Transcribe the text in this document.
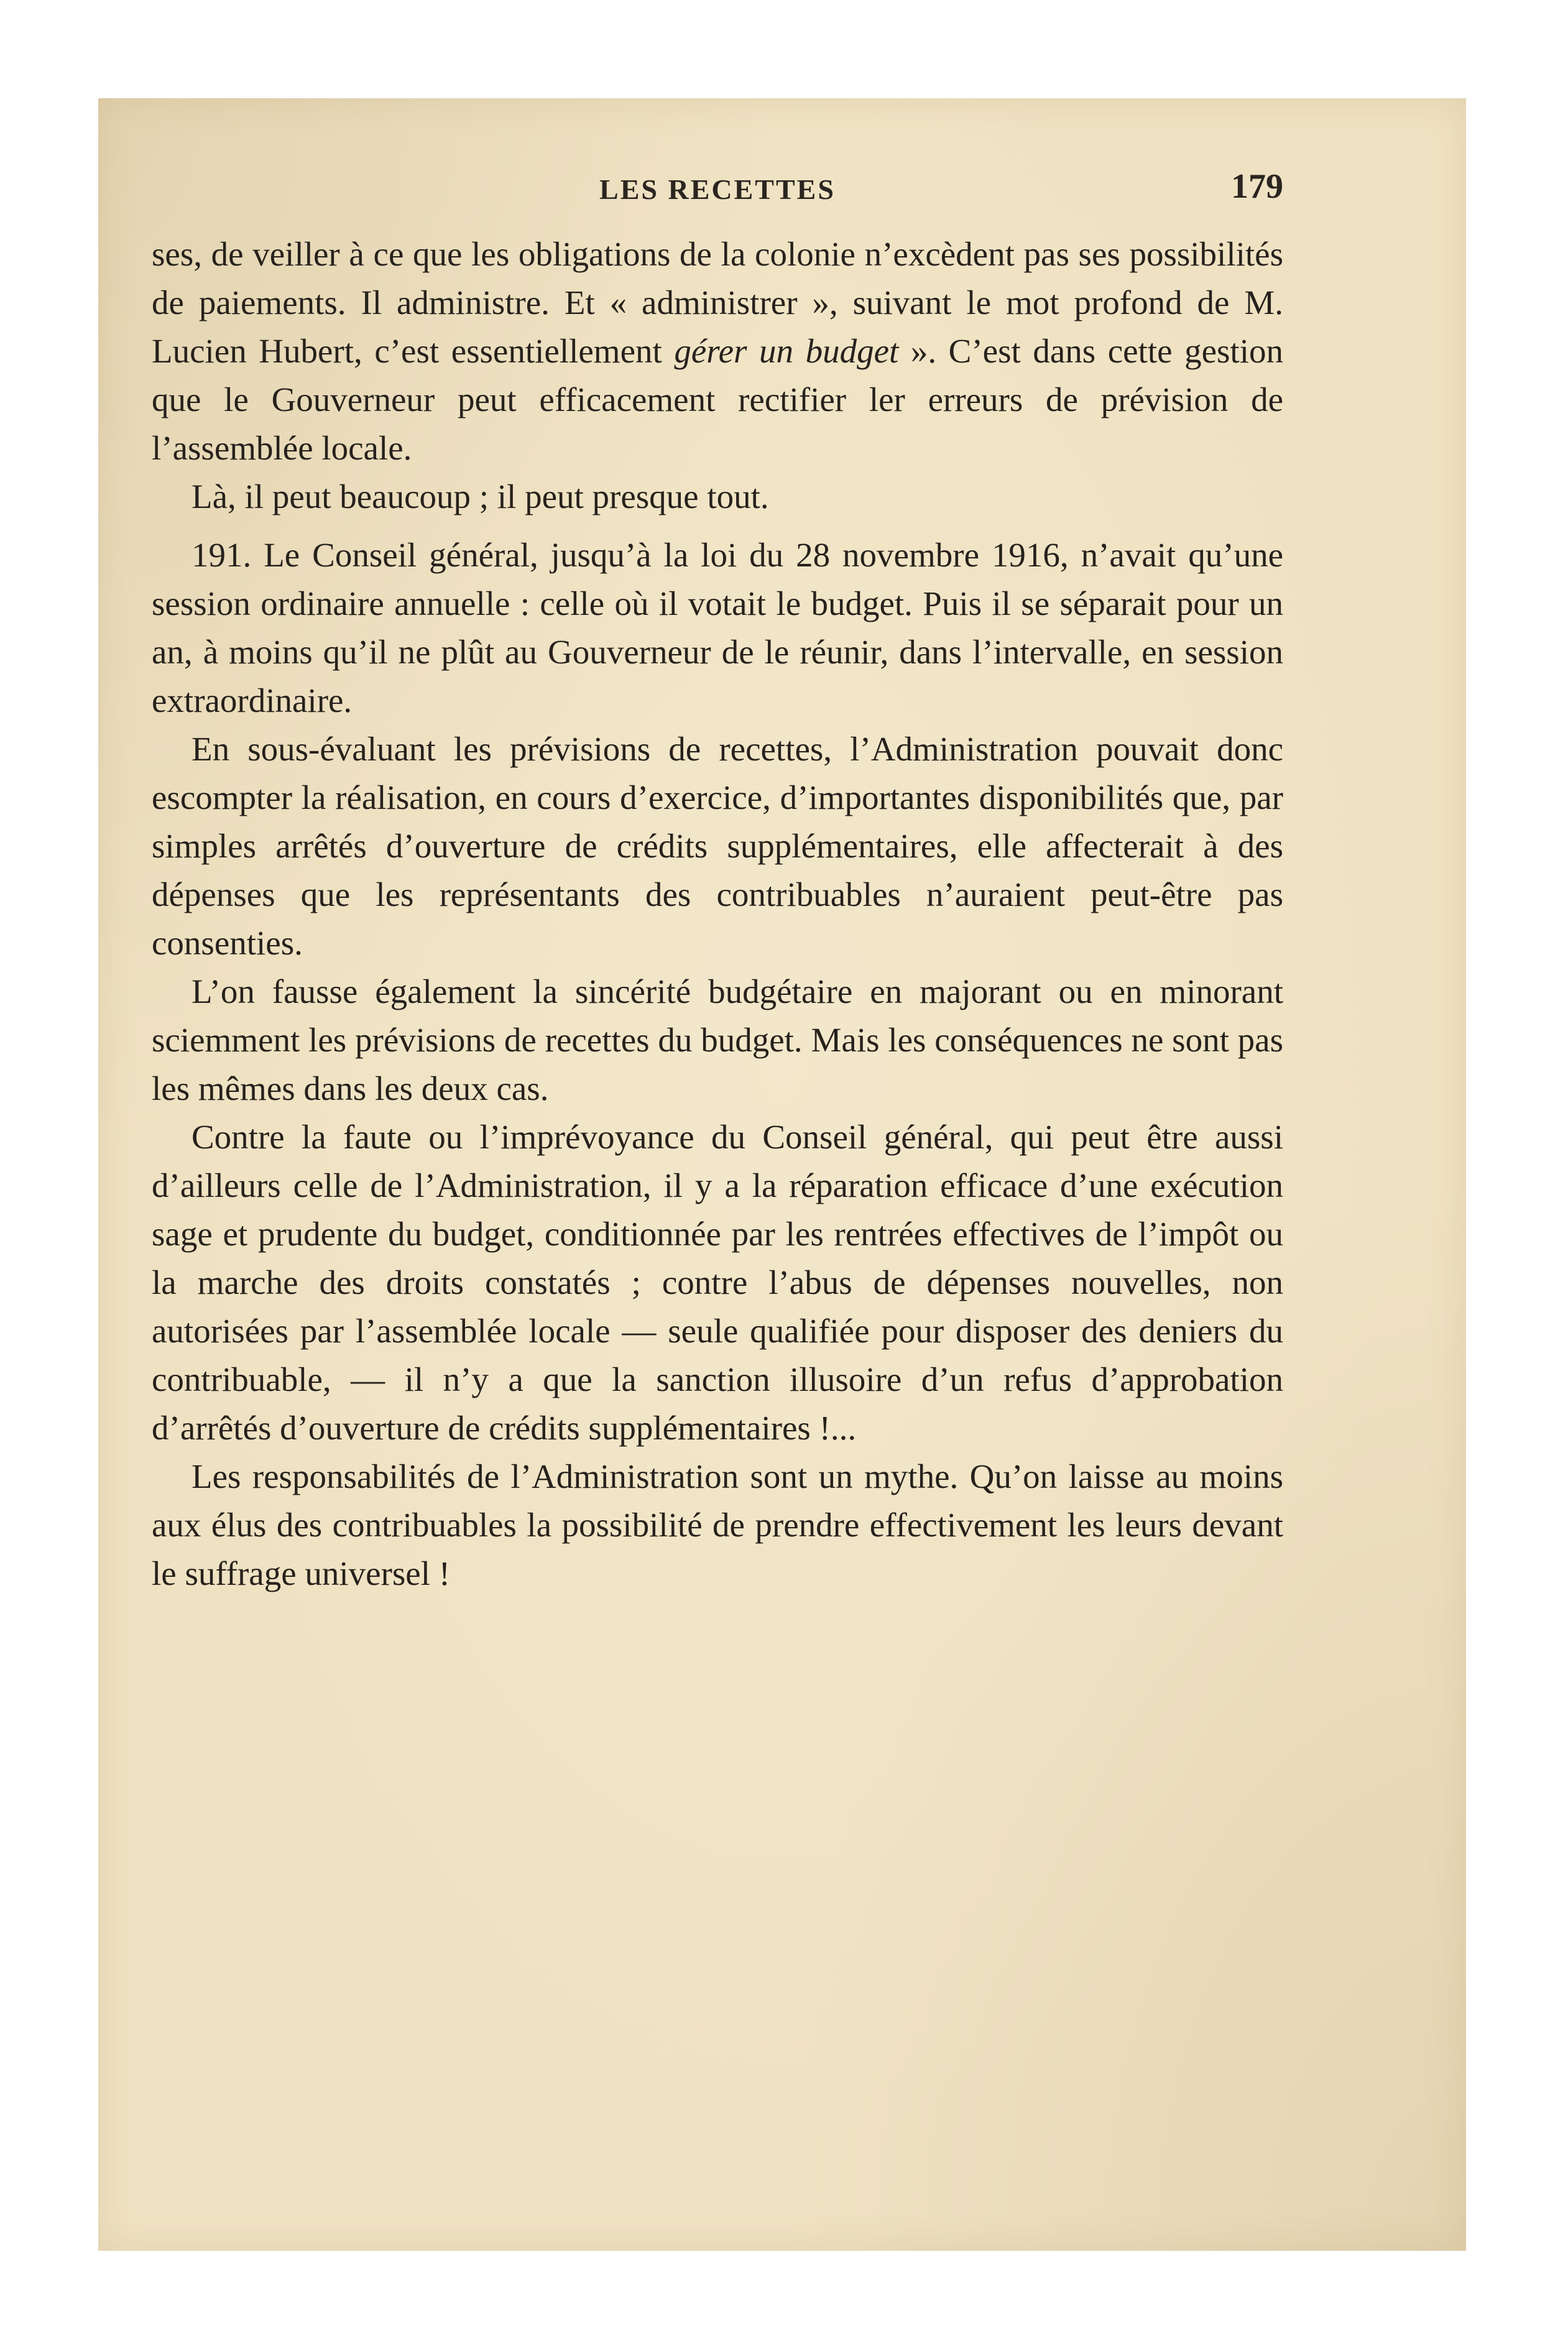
LES RECETTES	179

ses, de veiller à ce que les obligations de la colonie n’excèdent pas ses possibilités de paiements. Il administre. Et « administrer », suivant le mot profond de M. Lucien Hubert, c’est essentiellement gérer un budget ». C’est dans cette gestion que le Gouverneur peut efficacement rectifier ler erreurs de prévision de l’assemblée locale.

Là, il peut beaucoup ; il peut presque tout.

191. Le Conseil général, jusqu’à la loi du 28 novembre 1916, n’avait qu’une session ordinaire annuelle : celle où il votait le budget. Puis il se séparait pour un an, à moins qu’il ne plût au Gouverneur de le réunir, dans l’intervalle, en session extraordinaire.

En sous-évaluant les prévisions de recettes, l’Administration pouvait donc escompter la réalisation, en cours d’exercice, d’importantes disponibilités que, par simples arrêtés d’ouverture de crédits supplémentaires, elle affecterait à des dépenses que les représentants des contribuables n’auraient peut-être pas consenties.

L’on fausse également la sincérité budgétaire en majorant ou en minorant sciemment les prévisions de recettes du budget. Mais les conséquences ne sont pas les mêmes dans les deux cas.

Contre la faute ou l’imprévoyance du Conseil général, qui peut être aussi d’ailleurs celle de l’Administration, il y a la réparation efficace d’une exécution sage et prudente du budget, conditionnée par les rentrées effectives de l’impôt ou la marche des droits constatés ; contre l’abus de dépenses nouvelles, non autorisées par l’assemblée locale — seule qualifiée pour disposer des deniers du contribuable, — il n’y a que la sanction illusoire d’un refus d’approbation d’arrêtés d’ouverture de crédits supplémentaires !...

Les responsabilités de l’Administration sont un mythe. Qu’on laisse au moins aux élus des contribuables la possibilité de prendre effectivement les leurs devant le suffrage universel !
